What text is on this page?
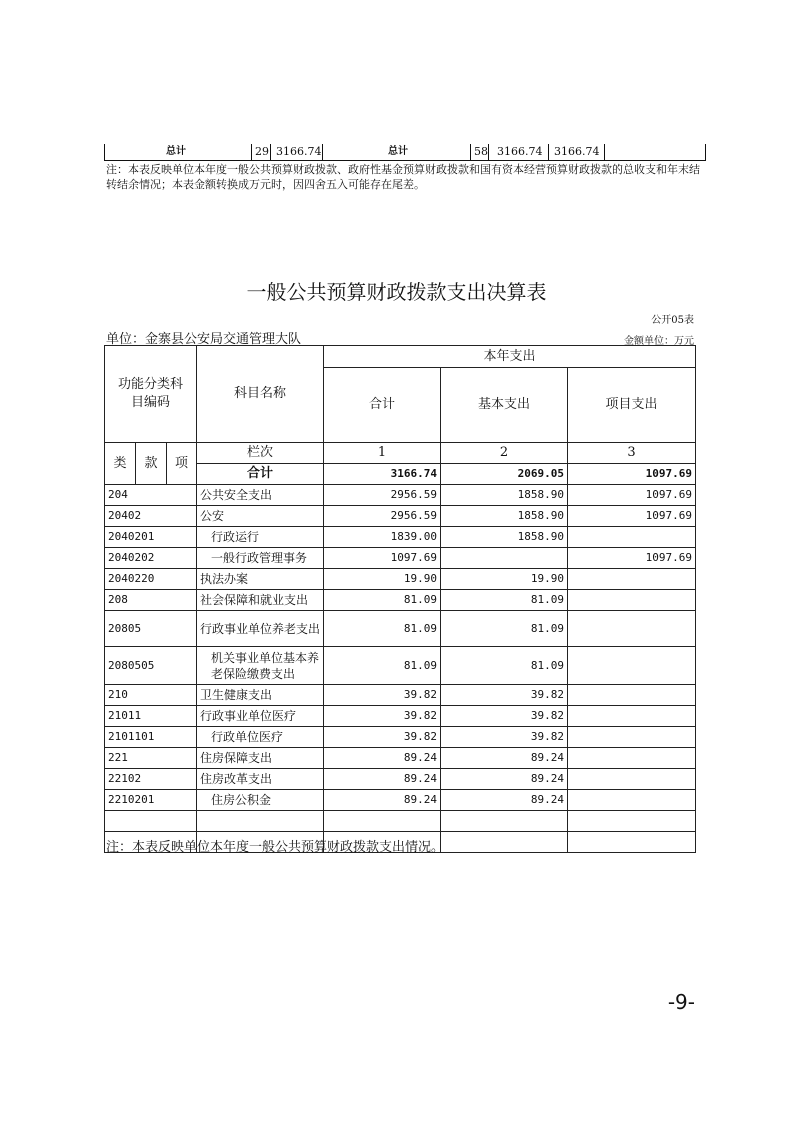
总计	29 3166.74	总计	58 3166.74 3166.74
注：本表反映单位本年度一般公共预算财政拨款、政府性基金预算财政拨款和国有资本经营预算财政拨款的总收支和年末结转结余情况；本表金额转换成万元时，因四舍五入可能存在尾差。
一般公共预算财政拨款支出决算表
公开05表
单位：金寨县公安局交通管理大队	金额单位：万元
功能分类科目编码			科目名称	本年支出		
				合计	基本支出	项目支出
类	款	项	栏次	1	2	3
			合计	3166.74	2069.05	1097.69
204			公共安全支出	2956.59	1858.90	1097.69
20402			公安	2956.59	1858.90	1097.69
2040201			行政运行	1839.00	1858.90	
2040202			一般行政管理事务	1097.69		1097.69
2040220			执法办案	19.90	19.90	
208			社会保障和就业支出	81.09	81.09	
20805			行政事业单位养老支出	81.09	81.09	
2080505			机关事业单位基本养老保险缴费支出	81.09	81.09	
210			卫生健康支出	39.82	39.82	
21011			行政事业单位医疗	39.82	39.82	
2101101			行政单位医疗	39.82	39.82	
221			住房保障支出	89.24	89.24	
22102			住房改革支出	89.24	89.24	
2210201			住房公积金	89.24	89.24	

注：本表反映单位本年度一般公共预算财政拨款支出情况。
-9-
